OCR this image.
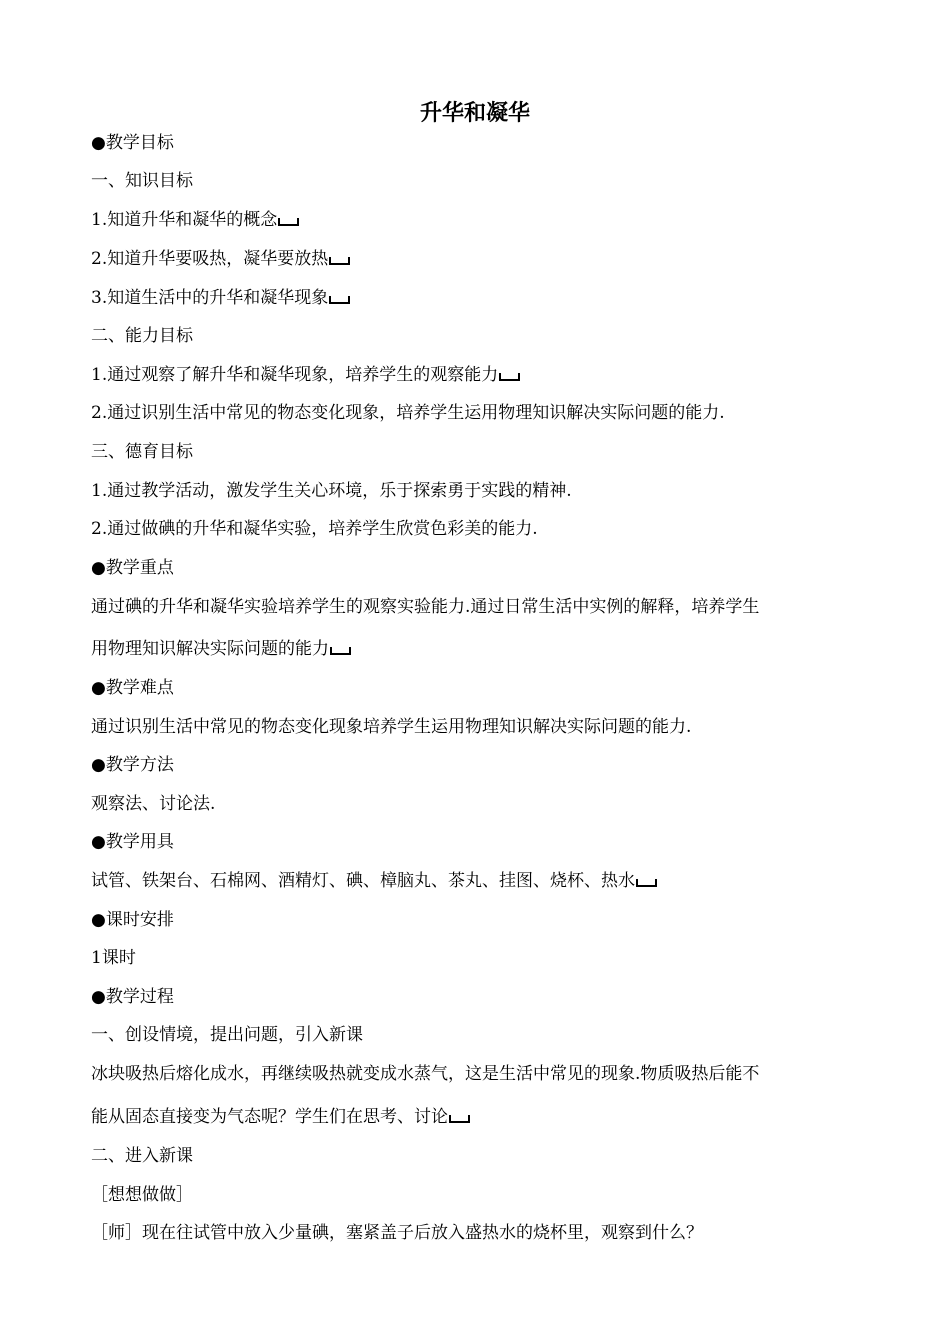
升华和凝华
●教学目标
一、知识目标
1.知道升华和凝华的概念
2.知道升华要吸热，凝华要放热
3.知道生活中的升华和凝华现象
二、能力目标
1.通过观察了解升华和凝华现象，培养学生的观察能力
2.通过识别生活中常见的物态变化现象，培养学生运用物理知识解决实际问题的能力.
三、德育目标
1.通过教学活动，激发学生关心环境，乐于探索勇于实践的精神.
2.通过做碘的升华和凝华实验，培养学生欣赏色彩美的能力.
●教学重点
通过碘的升华和凝华实验培养学生的观察实验能力.通过日常生活中实例的解释，培养学生
用物理知识解决实际问题的能力
●教学难点
通过识别生活中常见的物态变化现象培养学生运用物理知识解决实际问题的能力.
●教学方法
观察法、讨论法.
●教学用具
试管、铁架台、石棉网、酒精灯、碘、樟脑丸、茶丸、挂图、烧杯、热水
●课时安排
1课时
●教学过程
一、创设情境，提出问题，引入新课
冰块吸热后熔化成水，再继续吸热就变成水蒸气，这是生活中常见的现象.物质吸热后能不
能从固态直接变为气态呢？学生们在思考、讨论
二、进入新课
［想想做做］
［师］现在往试管中放入少量碘，塞紧盖子后放入盛热水的烧杯里，观察到什么？
